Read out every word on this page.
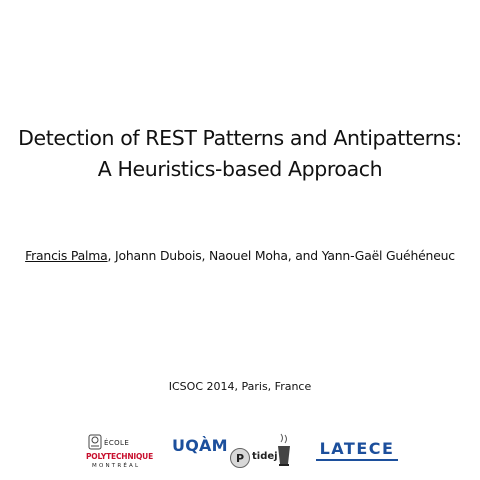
Detection of REST Patterns and Antipatterns:
A Heuristics-based Approach
Francis Palma, Johann Dubois, Naouel Moha, and Yann-Gaël Guéhéneuc
ICSOC 2014, Paris, France
ÉCOLE
POLYTECHNIQUE
MONTRÉAL
UQÀM
P tidej	LATECE
